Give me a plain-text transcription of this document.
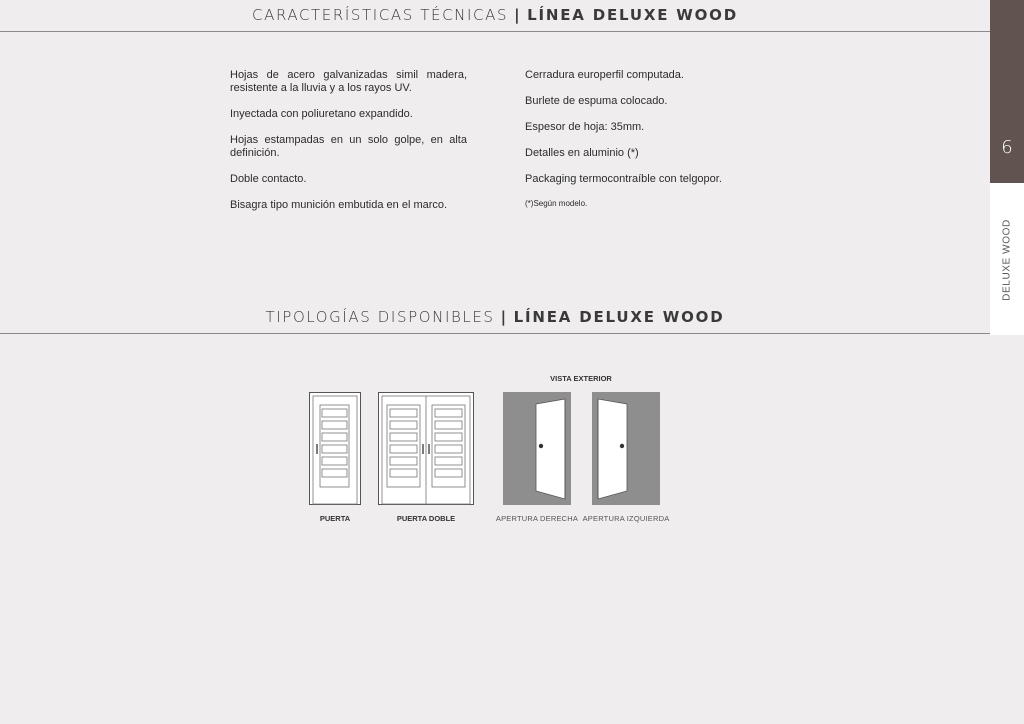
CARACTERÍSTICAS TÉCNICAS | LÍNEA DELUXE WOOD

Hojas de acero galvanizadas simil madera, resistente a la lluvia y a los rayos UV.

Inyectada con poliuretano expandido.

Hojas estampadas en un solo golpe, en alta definición.

Doble contacto.

Bisagra tipo munición embutida en el marco.

Cerradura europerfil computada.

Burlete de espuma colocado.

Espesor de hoja: 35mm.

Detalles en aluminio (*)

Packaging termocontraíble con telgopor.

(*)Según modelo.

TIPOLOGÍAS DISPONIBLES | LÍNEA DELUXE WOOD
6
DELUXE WOOD
PUERTA	PUERTA DOBLE
VISTA EXTERIOR
APERTURA DERECHA APERTURA IZQUIERDA
